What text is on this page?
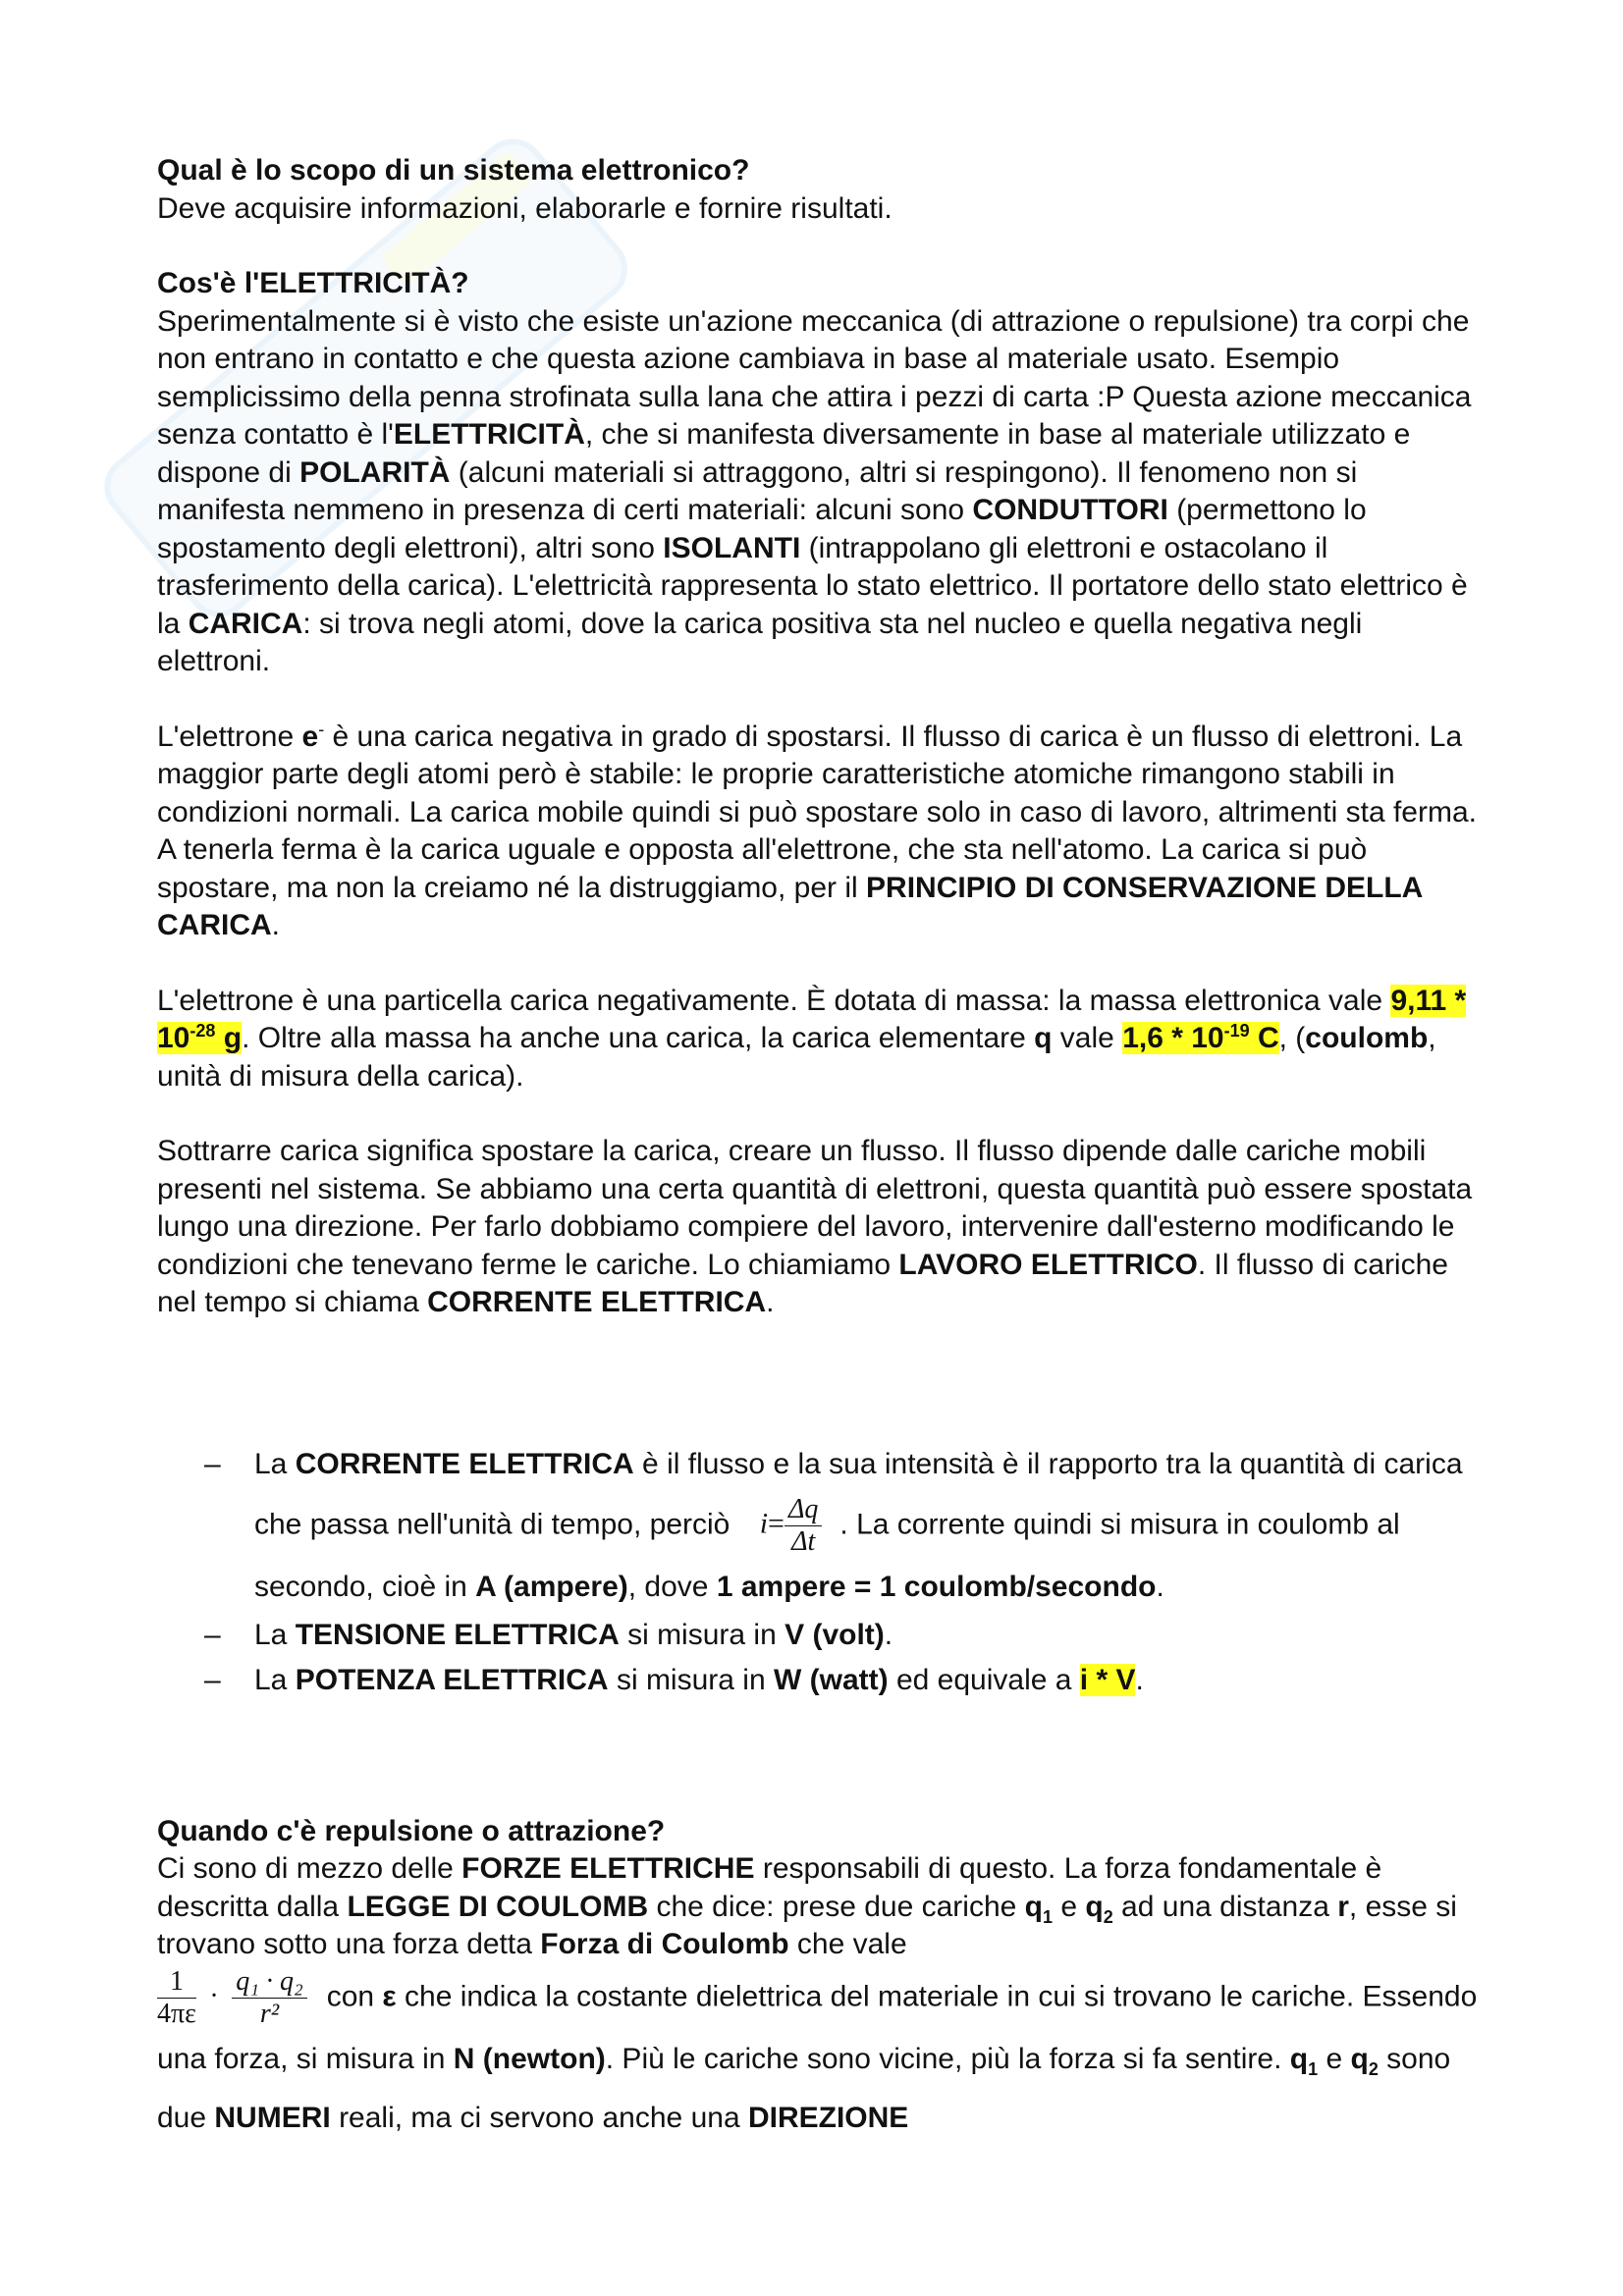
Qual è lo scopo di un sistema elettronico?

Deve acquisire informazioni, elaborarle e fornire risultati.

Cos'è l'ELETTRICITÀ?

Sperimentalmente si è visto che esiste un'azione meccanica (di attrazione o repulsione) tra corpi che non entrano in contatto e che questa azione cambiava in base al materiale usato. Esempio semplicissimo della penna strofinata sulla lana che attira i pezzi di carta :P Questa azione meccanica senza contatto è l'ELETTRICITÀ, che si manifesta diversamente in base al materiale utilizzato e dispone di POLARITÀ (alcuni materiali si attraggono, altri si respingono). Il fenomeno non si manifesta nemmeno in presenza di certi materiali: alcuni sono CONDUTTORI (permettono lo spostamento degli elettroni), altri sono ISOLANTI (intrappolano gli elettroni e ostacolano il trasferimento della carica). L'elettricità rappresenta lo stato elettrico. Il portatore dello stato elettrico è la CARICA: si trova negli atomi, dove la carica positiva sta nel nucleo e quella negativa negli elettroni.

L'elettrone e- è una carica negativa in grado di spostarsi. Il flusso di carica è un flusso di elettroni. La maggior parte degli atomi però è stabile: le proprie caratteristiche atomiche rimangono stabili in condizioni normali. La carica mobile quindi si può spostare solo in caso di lavoro, altrimenti sta ferma. A tenerla ferma è la carica uguale e opposta all'elettrone, che sta nell'atomo. La carica si può spostare, ma non la creiamo né la distruggiamo, per il PRINCIPIO DI CONSERVAZIONE DELLA CARICA.

L'elettrone è una particella carica negativamente. È dotata di massa: la massa elettronica vale $9,11 * 10^{-28}$ g. Oltre alla massa ha anche una carica, la carica elementare q vale $1,6 * 10^{-19}$ C, (coulomb, unità di misura della carica).

Sottrarre carica significa spostare la carica, creare un flusso. Il flusso dipende dalle cariche mobili presenti nel sistema. Se abbiamo una certa quantità di elettroni, questa quantità può essere spostata lungo una direzione. Per farlo dobbiamo compiere del lavoro, intervenire dall'esterno modificando le condizioni che tenevano ferme le cariche. Lo chiamiamo LAVORO ELETTRICO. Il flusso di cariche nel tempo si chiama CORRENTE ELETTRICA.

– La CORRENTE ELETTRICA è il flusso e la sua intensità è il rapporto tra la quantità di carica che passa nell'unità di tempo, perciò $i= \frac{\Delta q}{\Delta t}$ . La corrente quindi si misura in coulomb al secondo, cioè in A (ampere), dove 1 ampere = 1 coulomb/secondo.
– La TENSIONE ELETTRICA si misura in V (volt).
– La POTENZA ELETTRICA si misura in W (watt) ed equivale a i * V.

Quando c'è repulsione o attrazione?

Ci sono di mezzo delle FORZE ELETTRICHE responsabili di questo. La forza fondamentale è descritta dalla LEGGE DI COULOMB che dice: prese due cariche $q_1$ e $q_2$ ad una distanza r, esse si trovano sotto una forza detta Forza di Coulomb che vale

$\frac{1}{4\pi\varepsilon} \cdot \frac{\text{q₁ · q₂}}{\text{r²}}$ con ε che indica la costante dielettrica del materiale in cui si trovano le cariche. Essendo una forza, si misura in N (newton). Più le cariche sono vicine, più la forza si fa sentire. $q_1$ e $q_2$ sono due NUMERI reali, ma ci servono anche una DIREZIONE
